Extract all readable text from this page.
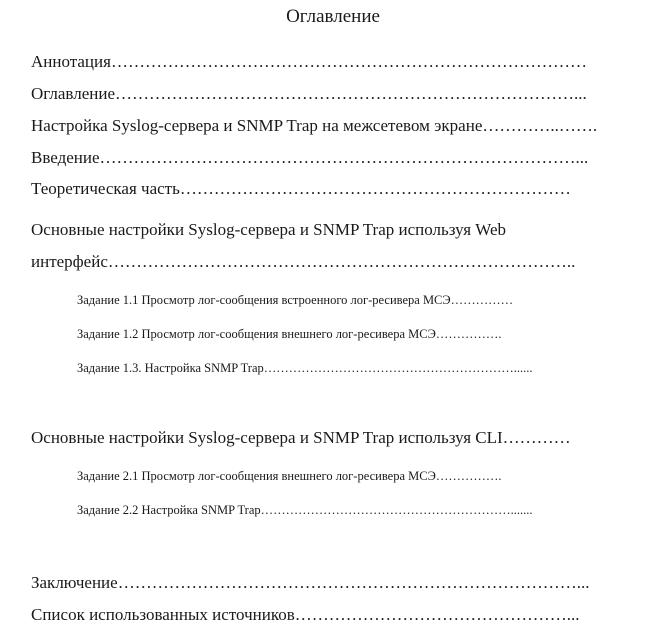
Оглавление
Аннотация…………………………………………………………………………
Оглавление………………………………………………………………………...
Настройка Syslog-сервера и SNMP Trap на межсетевом экране…………..…….
Введение…………………………………………………………………………...
Теоретическая часть……………………………………………………………
Основные настройки Syslog-сервера и SNMP Trap используя Web
интерфейс………………………………………………………………………..
Задание 1.1 Просмотр лог-сообщения встроенного лог-ресивера МСЭ……………
Задание 1.2 Просмотр лог-сообщения внешнего лог-ресивера МСЭ…………….
Задание 1.3. Настройка SNMP Trap……………………………………………………......
Основные настройки Syslog-сервера и SNMP Trap используя CLI…………
Задание 2.1 Просмотр лог-сообщения внешнего лог-ресивера МСЭ…………….
Задание 2.2 Настройка SNMP Trap…………………………………………………….......
Заключение………………………………………………………………………...
Список использованных источников…………………………………………...
